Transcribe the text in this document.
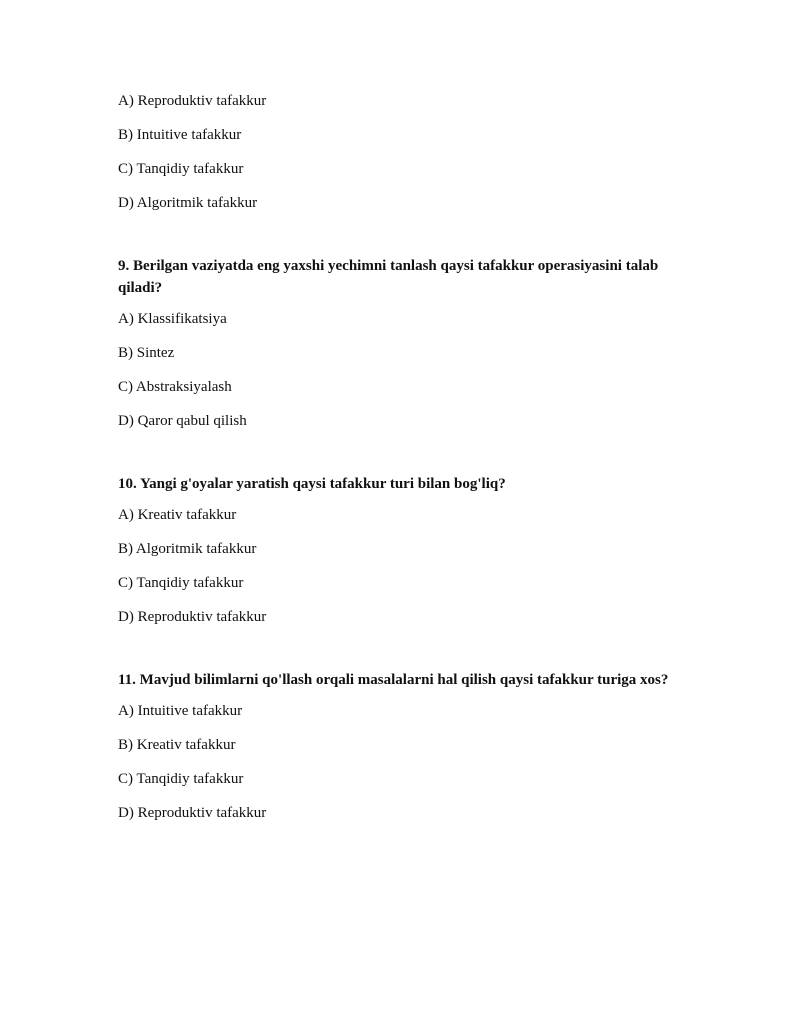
A) Reproduktiv tafakkur
B) Intuitive tafakkur
C) Tanqidiy tafakkur
D) Algoritmik tafakkur
9. Berilgan vaziyatda eng yaxshi yechimni tanlash qaysi tafakkur operasiyasini talab qiladi?
A) Klassifikatsiya
B) Sintez
C) Abstraksiyalash
D) Qaror qabul qilish
10. Yangi g'oyalar yaratish qaysi tafakkur turi bilan bog'liq?
A) Kreativ tafakkur
B) Algoritmik tafakkur
C) Tanqidiy tafakkur
D) Reproduktiv tafakkur
11. Mavjud bilimlarni qo'llash orqali masalalarni hal qilish qaysi tafakkur turiga xos?
A) Intuitive tafakkur
B) Kreativ tafakkur
C) Tanqidiy tafakkur
D) Reproduktiv tafakkur
